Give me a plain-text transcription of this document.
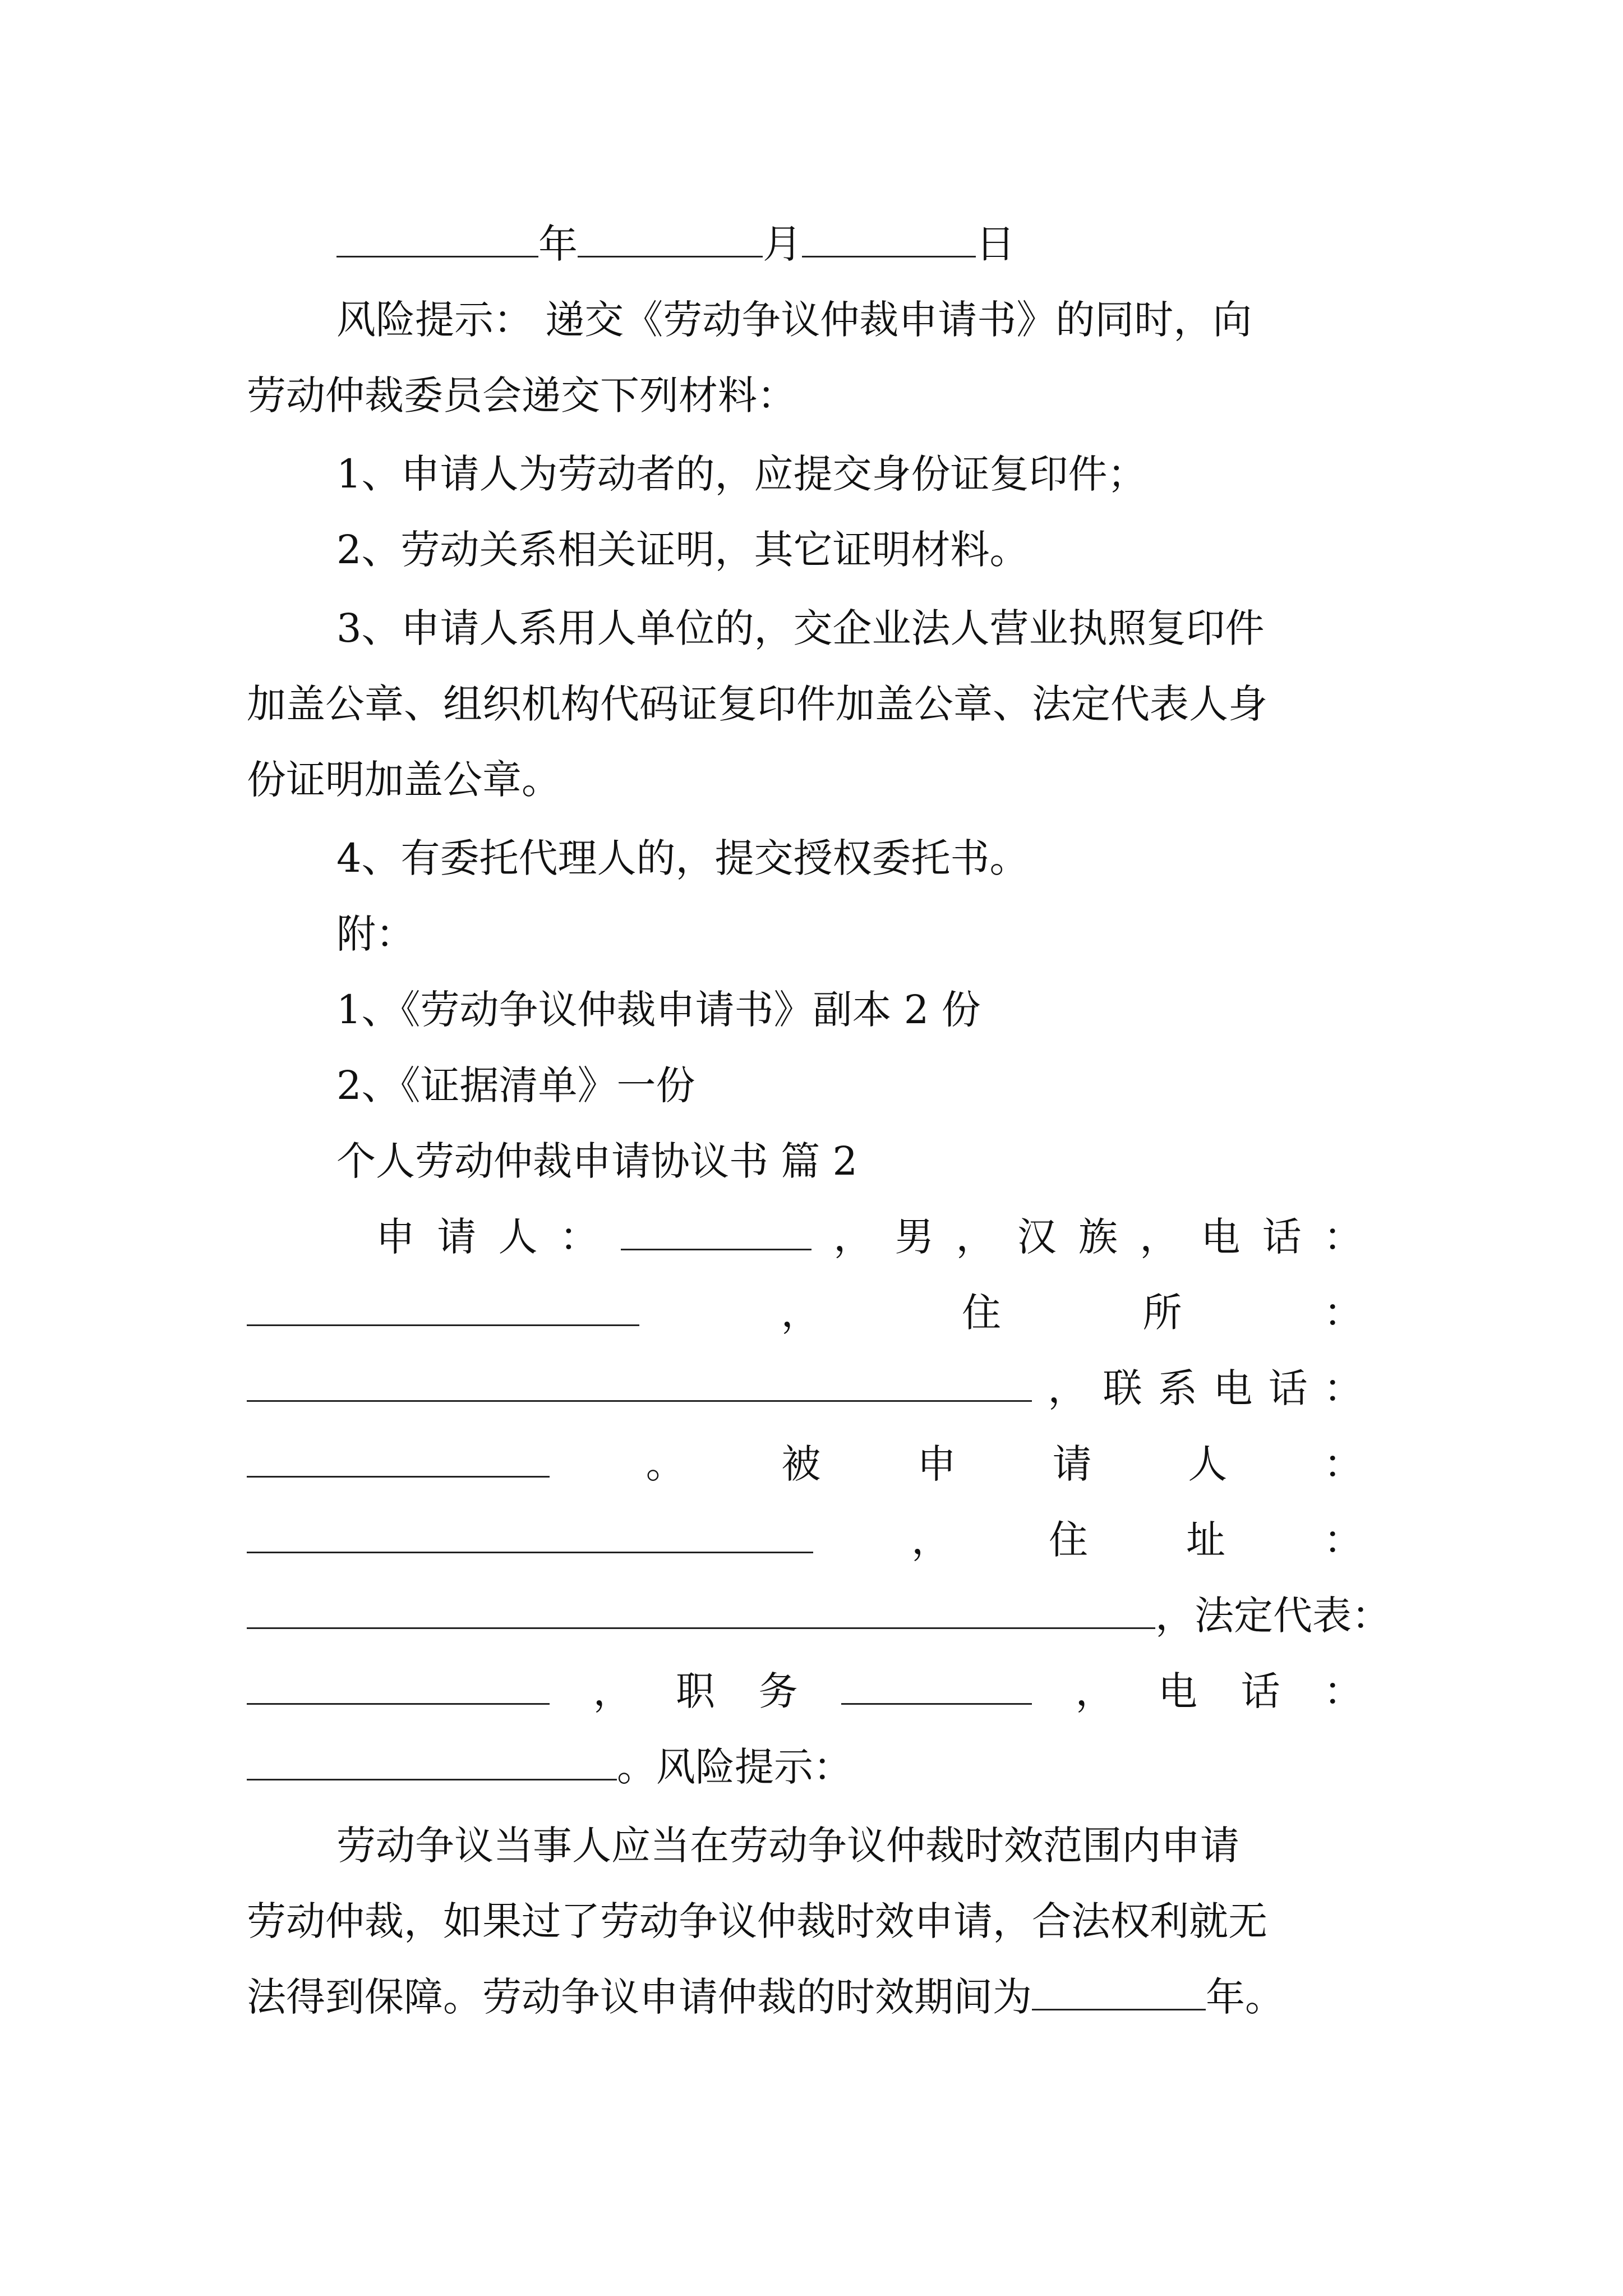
年	月	日
风险提示： 递交《劳动争议仲裁申请书》的同时，向
劳动仲裁委员会递交下列材料：
1、申请人为劳动者的，应提交身份证复印件；
2、劳动关系相关证明，其它证明材料。
3、申请人系用人单位的，交企业法人营业执照复印件
加盖公章、组织机构代码证复印件加盖公章、法定代表人身
份证明加盖公章。
4、有委托代理人的，提交授权委托书。
附：
1、《劳动争议仲裁申请书》副本 2 份
2、《证据清单》一份
个人劳动仲裁申请协议书 篇 2
申 请 人 ：	， 男 ， 汉 族 ， 电 话 ：
，	住	所	：
， 联 系 电 话 ：
。 被 申 请 人 ：
，	住	址	：
，法定代表：
， 职 务	， 电 话 ：
。风险提示：
劳动争议当事人应当在劳动争议仲裁时效范围内申请
劳动仲裁，如果过了劳动争议仲裁时效申请，合法权利就无
法得到保障。劳动争议申请仲裁的时效期间为	年。
